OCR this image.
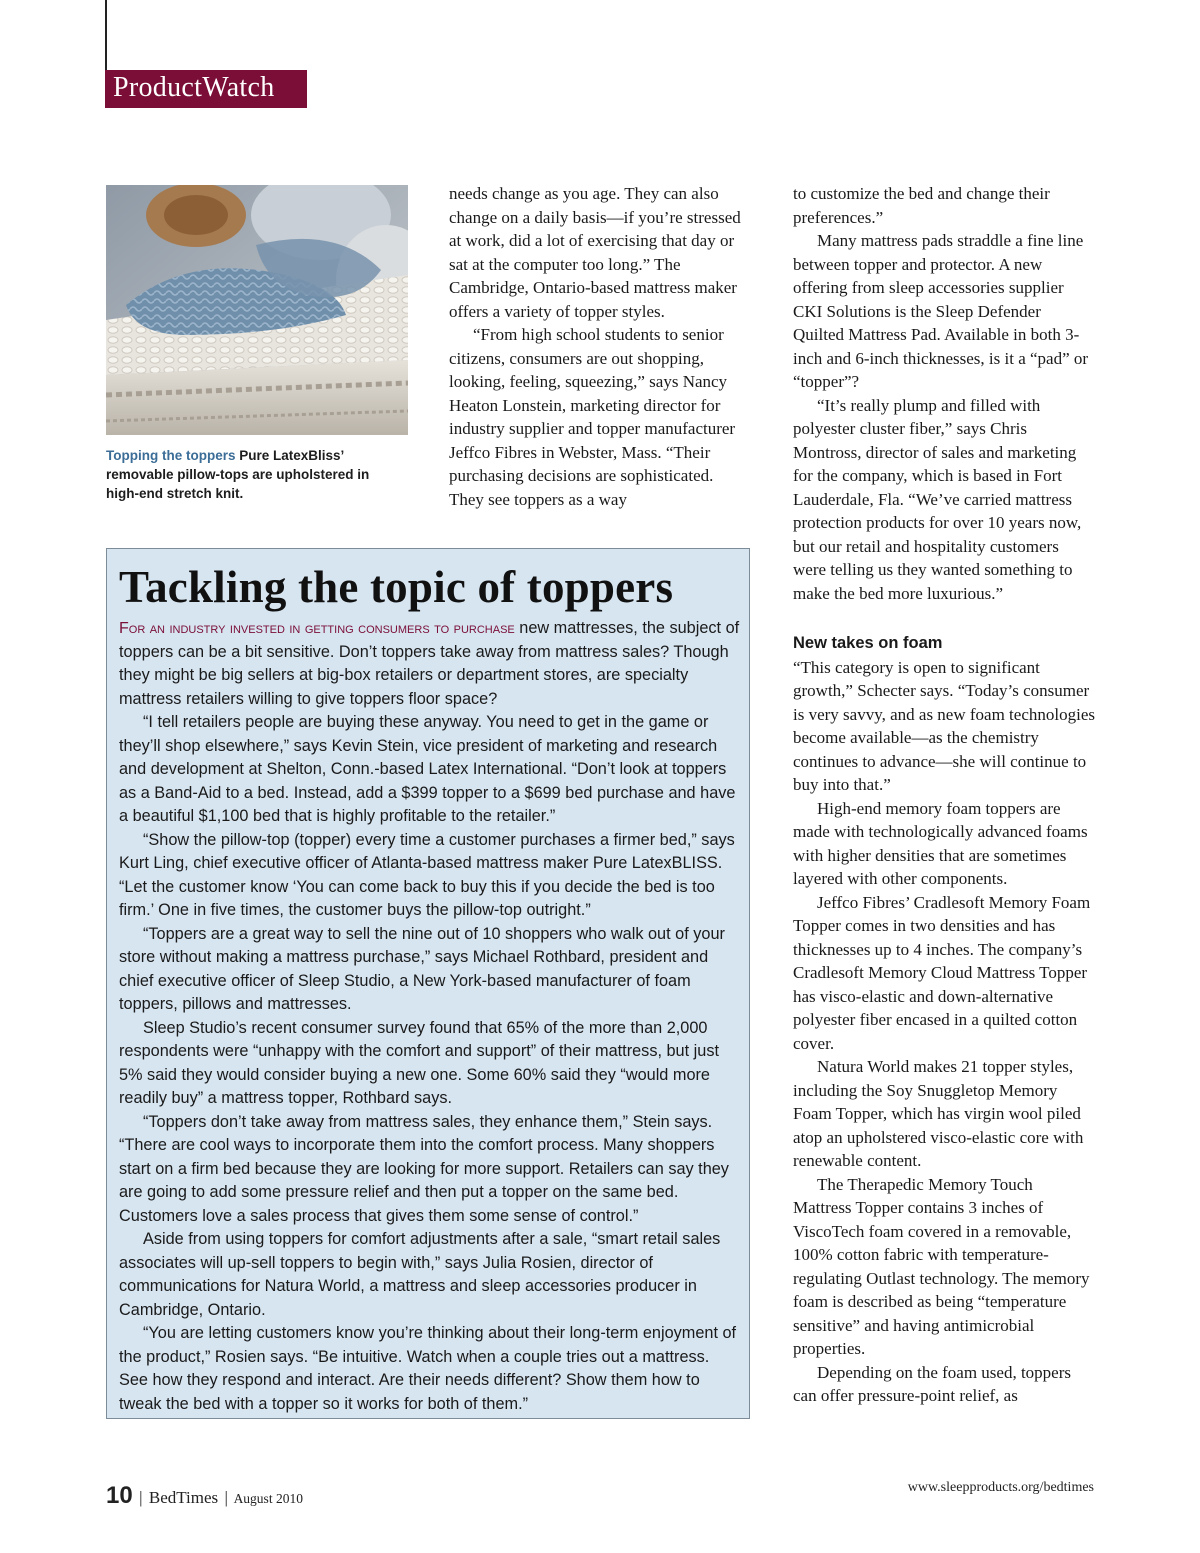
ProductWatch
Topping the toppers Pure LatexBliss’ removable pillow-tops are upholstered in high-end stretch knit.

needs change as you age. They can also change on a daily basis—if you’re stressed at work, did a lot of exercising that day or sat at the computer too long.” The Cambridge, Ontario-based mattress maker offers a variety of topper styles.

“From high school students to senior citizens, consumers are out shopping, looking, feeling, squeezing,” says Nancy Heaton Lonstein, marketing director for industry supplier and topper manufacturer Jeffco Fibres in Webster, Mass. “Their purchasing decisions are sophisticated. They see toppers as a way

to customize the bed and change their preferences.”

Many mattress pads straddle a fine line between topper and protector. A new offering from sleep accessories supplier CKI Solutions is the Sleep Defender Quilted Mattress Pad. Available in both 3-inch and 6-inch thicknesses, is it a “pad” or “topper”?

“It’s really plump and filled with polyester cluster fiber,” says Chris Montross, director of sales and marketing for the company, which is based in Fort Lauderdale, Fla. “We’ve carried mattress protection products for over 10 years now, but our retail and hospitality customers were telling us they wanted something to make the bed more luxurious.”

New takes on foam

“This category is open to significant growth,” Schecter says. “Today’s consumer is very savvy, and as new foam technologies become available—as the chemistry continues to advance—she will continue to buy into that.”

High-end memory foam toppers are made with technologically advanced foams with higher densities that are sometimes layered with other components.

Jeffco Fibres’ Cradlesoft Memory Foam Topper comes in two densities and has thicknesses up to 4 inches. The company’s Cradlesoft Memory Cloud Mattress Topper has visco-elastic and down-alternative polyester fiber encased in a quilted cotton cover.

Natura World makes 21 topper styles, including the Soy Snuggletop Memory Foam Topper, which has virgin wool piled atop an upholstered visco-elastic core with renewable content.

The Therapedic Memory Touch Mattress Topper contains 3 inches of ViscoTech foam covered in a removable, 100% cotton fabric with temperature-regulating Outlast technology. The memory foam is described as being “temperature sensitive” and having antimicrobial properties.

Depending on the foam used, toppers can offer pressure-point relief, as

Tackling the topic of toppers

For an industry invested in getting consumers to purchase new mattresses, the subject of toppers can be a bit sensitive. Don’t toppers take away from mattress sales? Though they might be big sellers at big-box retailers or department stores, are specialty mattress retailers willing to give toppers floor space?

“I tell retailers people are buying these anyway. You need to get in the game or they’ll shop elsewhere,” says Kevin Stein, vice president of marketing and research and development at Shelton, Conn.-based Latex International. “Don’t look at toppers as a Band-Aid to a bed. Instead, add a $399 topper to a $699 bed purchase and have a beautiful $1,100 bed that is highly profitable to the retailer.”

“Show the pillow-top (topper) every time a customer purchases a firmer bed,” says Kurt Ling, chief executive officer of Atlanta-based mattress maker Pure LatexBLISS. “Let the customer know ‘You can come back to buy this if you decide the bed is too firm.’ One in five times, the customer buys the pillow-top outright.”

“Toppers are a great way to sell the nine out of 10 shoppers who walk out of your store without making a mattress purchase,” says Michael Rothbard, president and chief executive officer of Sleep Studio, a New York-based manufacturer of foam toppers, pillows and mattresses.

Sleep Studio’s recent consumer survey found that 65% of the more than 2,000 respondents were “unhappy with the comfort and support” of their mattress, but just 5% said they would consider buying a new one. Some 60% said they “would more readily buy” a mattress topper, Rothbard says.

“Toppers don’t take away from mattress sales, they enhance them,” Stein says. “There are cool ways to incorporate them into the comfort process. Many shoppers start on a firm bed because they are looking for more support. Retailers can say they are going to add some pressure relief and then put a topper on the same bed. Customers love a sales process that gives them some sense of control.”

Aside from using toppers for comfort adjustments after a sale, “smart retail sales associates will up-sell toppers to begin with,” says Julia Rosien, director of communications for Natura World, a mattress and sleep accessories producer in Cambridge, Ontario.

“You are letting customers know you’re thinking about their long-term enjoyment of the product,” Rosien says. “Be intuitive. Watch when a couple tries out a mattress. See how they respond and interact. Are their needs different? Show them how to tweak the bed with a topper so it works for both of them.”

10 | BedTimes | August 2010
www.sleepproducts.org/bedtimes
